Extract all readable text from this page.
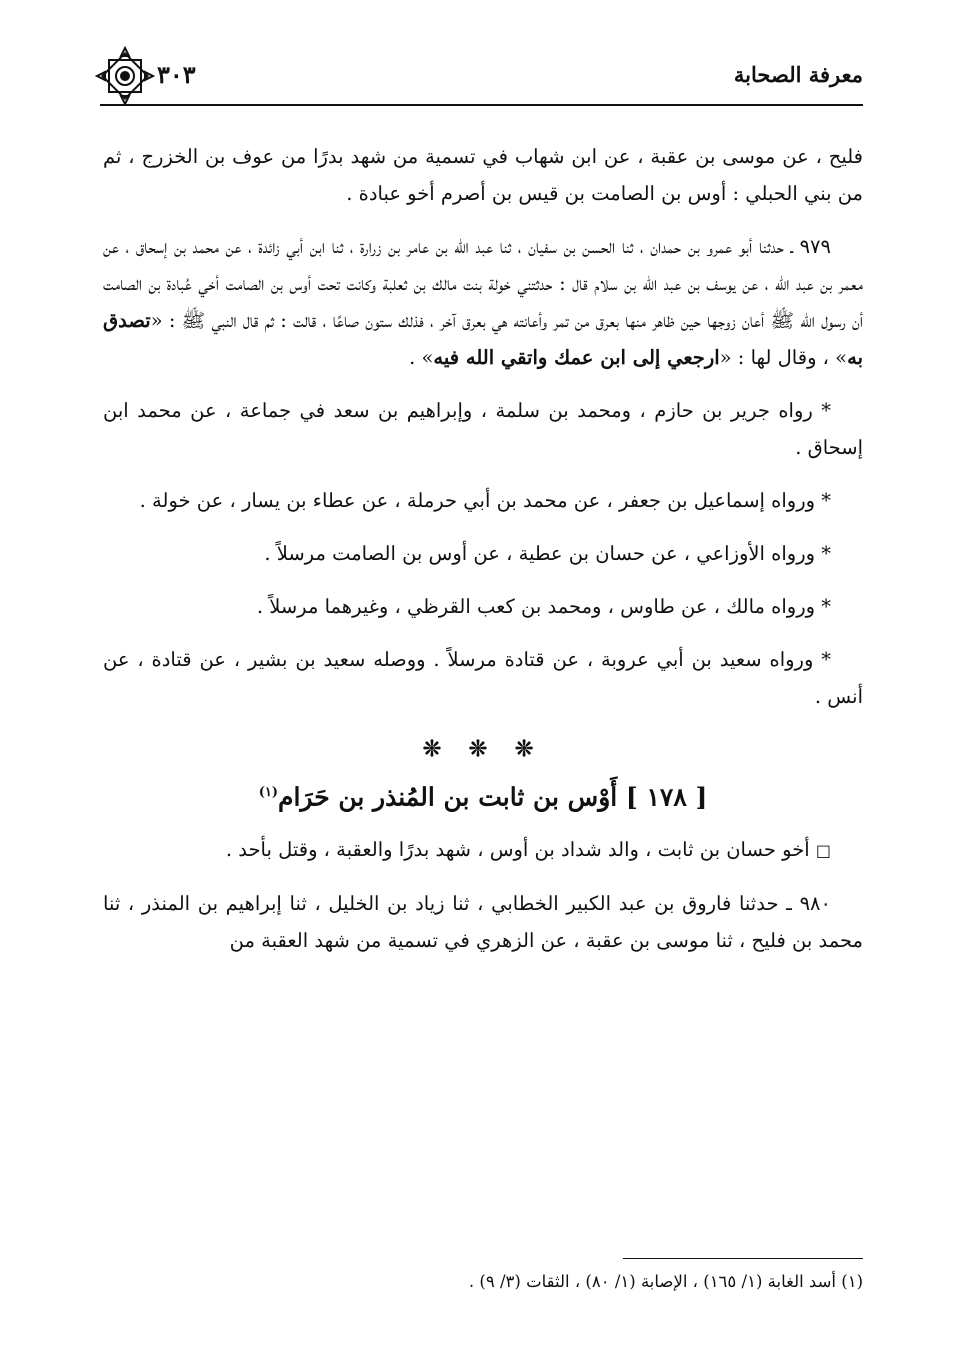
معرفة الصحابة
٣٠٣

فليح ، عن موسى بن عقبة ، عن ابن شهاب في تسمية من شهد بدرًا من عوف بن الخزرج ، ثم من بني الحبلي : أوس بن الصامت بن قيس بن أصرم أخو عبادة .

٩٧٩ ـ حدثنا أبو عمرو بن حمدان ، ثنا الحسن بن سفيان ، ثنا عبد الله بن عامر بن زرارة ، ثنا ابن أبي زائدة ، عن محمد بن إسحاق ، عن معمر بن عبد الله ، عن يوسف بن عبد الله بن سلام قال : حدثتني خولة بنت مالك بن ثعلبة وكانت تحت أوس بن الصامت أخي عُبادة بن الصامت أن رسول الله ﷺ أعان زوجها حين ظاهر منها بعرق من تمر وأعانته هي بعرق آخر ، فذلك ستون صاعًا ، قالت : ثم قال النبي ﷺ : «تصدق به» ، وقال لها : «ارجعي إلى ابن عمك واتقي الله فيه» .

* رواه جرير بن حازم ، ومحمد بن سلمة ، وإبراهيم بن سعد في جماعة ، عن محمد ابن إسحاق .

* ورواه إسماعيل بن جعفر ، عن محمد بن أبي حرملة ، عن عطاء بن يسار ، عن خولة .

* ورواه الأوزاعي ، عن حسان بن عطية ، عن أوس بن الصامت مرسلاً .

* ورواه مالك ، عن طاوس ، ومحمد بن كعب القرظي ، وغيرهما مرسلاً .

* ورواه سعيد بن أبي عروبة ، عن قتادة مرسلاً . ووصله سعيد بن بشير ، عن قتادة ، عن أنس .

❊ ❊ ❊
[ ١٧٨ ] أَوْس بن ثابت بن المُنذر بن حَرَام$^{(١)}$

□ أخو حسان بن ثابت ، والد شداد بن أوس ، شهد بدرًا والعقبة ، وقتل بأحد .

٩٨٠ ـ حدثنا فاروق بن عبد الكبير الخطابي ، ثنا زياد بن الخليل ، ثنا إبراهيم بن المنذر ، ثنا محمد بن فليح ، ثنا موسى بن عقبة ، عن الزهري في تسمية من شهد العقبة من

(١) أسد الغابة (١/ ١٦٥) ، الإصابة (١/ ٨٠) ، الثقات (٣/ ٩) .
